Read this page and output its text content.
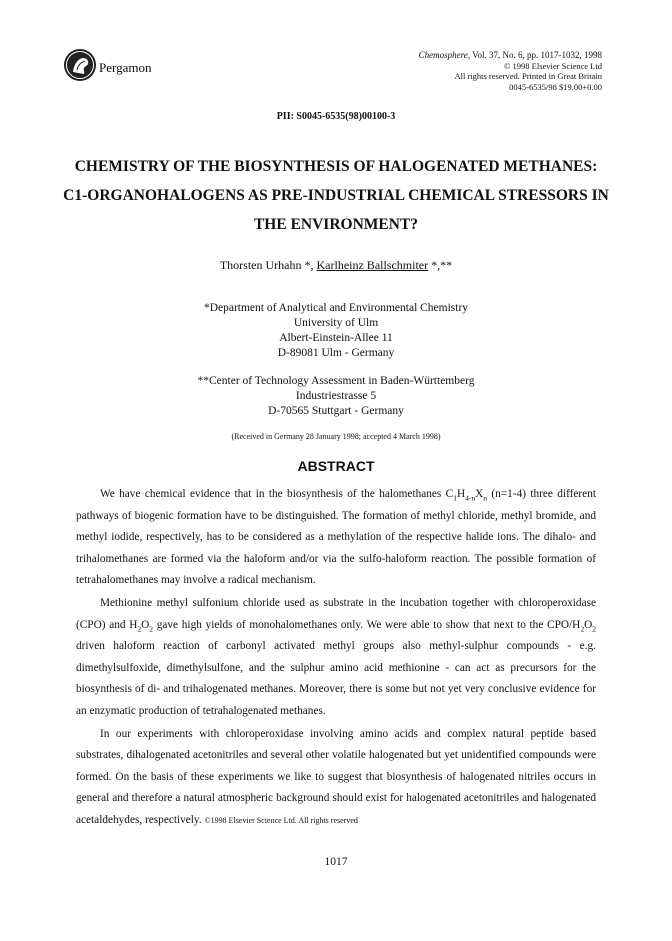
Pergamon
Chemosphere, Vol. 37, No. 6, pp. 1017-1032, 1998
© 1998 Elsevier Science Ltd
All rights reserved. Printed in Great Britain
0045-6535/98 $19.00+0.00
PII: S0045-6535(98)00100-3
CHEMISTRY OF THE BIOSYNTHESIS OF HALOGENATED METHANES:
C1-ORGANOHALOGENS AS PRE-INDUSTRIAL CHEMICAL STRESSORS IN
THE ENVIRONMENT?
Thorsten Urhahn *, Karlheinz Ballschmiter *,**
*Department of Analytical and Environmental Chemistry
University of Ulm
Albert-Einstein-Allee 11
D-89081 Ulm - Germany
**Center of Technology Assessment in Baden-Württemberg
Industriestrasse 5
D-70565 Stuttgart - Germany
(Received in Germany 28 January 1998; accepted 4 March 1998)
ABSTRACT

We have chemical evidence that in the biosynthesis of the halomethanes $C_1H_{4-n}X_n$ (n=1-4) three different pathways of biogenic formation have to be distinguished. The formation of methyl chloride, methyl bromide, and methyl iodide, respectively, has to be considered as a methylation of the respective halide ions. The dihalo- and trihalomethanes are formed via the haloform and/or via the sulfo-haloform reaction. The possible formation of tetrahalomethanes may involve a radical mechanism.

Methionine methyl sulfonium chloride used as substrate in the incubation together with chloroperoxidase (CPO) and $H_2O_2$ gave high yields of monohalomethanes only. We were able to show that next to the CPO/$H_2O_2$ driven haloform reaction of carbonyl activated methyl groups also methyl-sulphur compounds - e.g. dimethylsulfoxide, dimethylsulfone, and the sulphur amino acid methionine - can act as precursors for the biosynthesis of di- and trihalogenated methanes. Moreover, there is some but not yet very conclusive evidence for an enzymatic production of tetrahalogenated methanes.

In our experiments with chloroperoxidase involving amino acids and complex natural peptide based substrates, dihalogenated acetonitriles and several other volatile halogenated but yet unidentified compounds were formed. On the basis of these experiments we like to suggest that biosynthesis of halogenated nitriles occurs in general and therefore a natural atmospheric background should exist for halogenated acetonitriles and halogenated acetaldehydes, respectively. ©1998 Elsevier Science Ltd. All rights reserved

1017
